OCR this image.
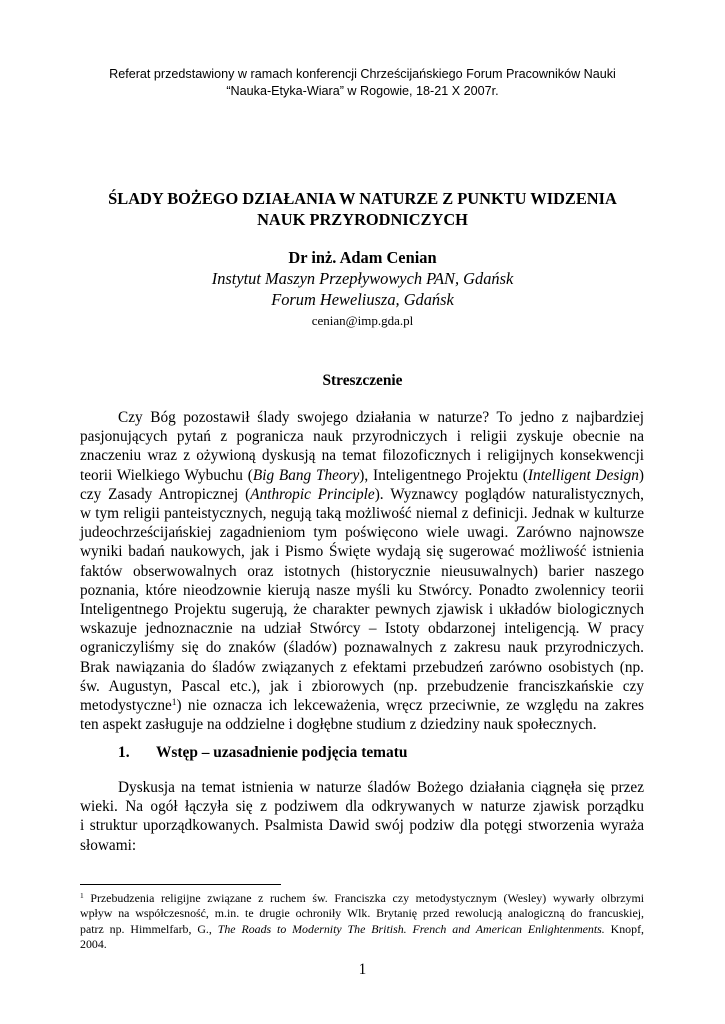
Referat przedstawiony w ramach konferencji Chrześcijańskiego Forum Pracowników Nauki
“Nauka-Etyka-Wiara” w Rogowie, 18-21 X 2007r.
ŚLADY BOŻEGO DZIAŁANIA W NATURZE Z PUNKTU WIDZENIA
NAUK PRZYRODNICZYCH
Dr inż. Adam Cenian
Instytut Maszyn Przepływowych PAN, Gdańsk
Forum Heweliusza, Gdańsk
cenian@imp.gda.pl
Streszczenie
Czy Bóg pozostawił ślady swojego działania w naturze? To jedno z najbardziej
pasjonujących pytań z pogranicza nauk przyrodniczych i religii zyskuje obecnie na
znaczeniu wraz z ożywioną dyskusją na temat filozoficznych i religijnych konsekwencji
teorii Wielkiego Wybuchu (Big Bang Theory), Inteligentnego Projektu (Intelligent Design)
czy Zasady Antropicznej (Anthropic Principle). Wyznawcy poglądów naturalistycznych,
w tym religii panteistycznych, negują taką możliwość niemal z definicji. Jednak w kulturze
judeochrześcijańskiej zagadnieniom tym poświęcono wiele uwagi. Zarówno najnowsze
wyniki badań naukowych, jak i Pismo Święte wydają się sugerować możliwość istnienia
faktów obserwowalnych oraz istotnych (historycznie nieusuwalnych) barier naszego
poznania, które nieodzownie kierują nasze myśli ku Stwórcy. Ponadto zwolennicy teorii
Inteligentnego Projektu sugerują, że charakter pewnych zjawisk i układów biologicznych
wskazuje jednoznacznie na udział Stwórcy – Istoty obdarzonej inteligencją. W pracy
ograniczyliśmy się do znaków (śladów) poznawalnych z zakresu nauk przyrodniczych.
Brak nawiązania do śladów związanych z efektami przebudzeń zarówno osobistych (np.
św. Augustyn, Pascal etc.), jak i zbiorowych (np. przebudzenie franciszkańskie czy
metodystyczne$^1$) nie oznacza ich lekceważenia, wręcz przeciwnie, ze względu na zakres
ten aspekt zasługuje na oddzielne i dogłębne studium z dziedziny nauk społecznych.
1. Wstęp – uzasadnienie podjęcia tematu
Dyskusja na temat istnienia w naturze śladów Bożego działania ciągnęła się przez
wieki. Na ogół łączyła się z podziwem dla odkrywanych w naturze zjawisk porządku
i struktur uporządkowanych. Psalmista Dawid swój podziw dla potęgi stworzenia wyraża
słowami:
$^1$ Przebudzenia religijne związane z ruchem św. Franciszka czy metodystycznym (Wesley) wywarły olbrzymi
wpływ na współczesność, m.in. te drugie ochroniły Wlk. Brytanię przed rewolucją analogiczną do francuskiej,
patrz np. Himmelfarb, G., The Roads to Modernity The British. French and American Enlightenments. Knopf,
2004.
1
